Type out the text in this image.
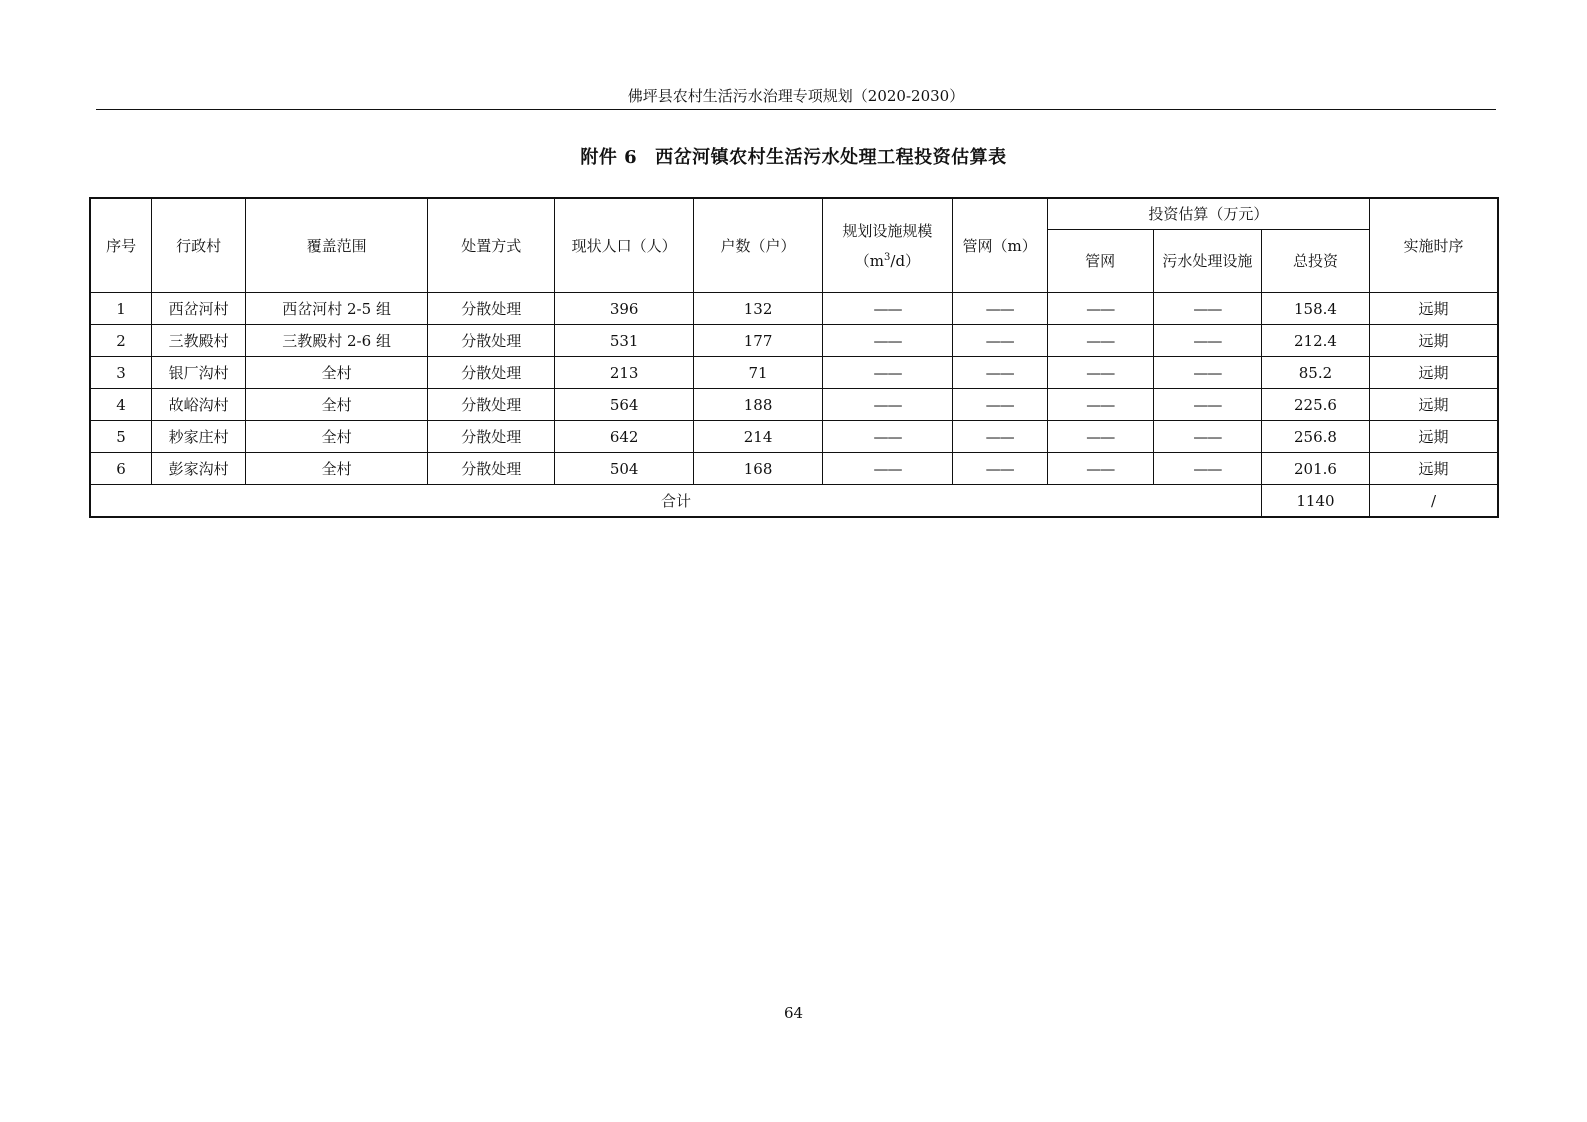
佛坪县农村生活污水治理专项规划（2020-2030）
附件 6 西岔河镇农村生活污水处理工程投资估算表
序号	行政村	覆盖范围	处置方式	现状人口（人）	户数（户）	规划设施规模
$(m^3/d)$	管网（m）	投资估算（万元）			实施时序
								管网	污水处理设施	总投资	
1	西岔河村	西岔河村 2-5 组	分散处理	396	132	——	——	——	——	158.4	远期
2	三教殿村	三教殿村 2-6 组	分散处理	531	177	——	——	——	——	212.4	远期
3	银厂沟村	全村	分散处理	213	71	——	——	——	——	85.2	远期
4	故峪沟村	全村	分散处理	564	188	——	——	——	——	225.6	远期
5	耖家庄村	全村	分散处理	642	214	——	——	——	——	256.8	远期
6	彭家沟村	全村	分散处理	504	168	——	——	——	——	201.6	远期
合计										1140	/
64
